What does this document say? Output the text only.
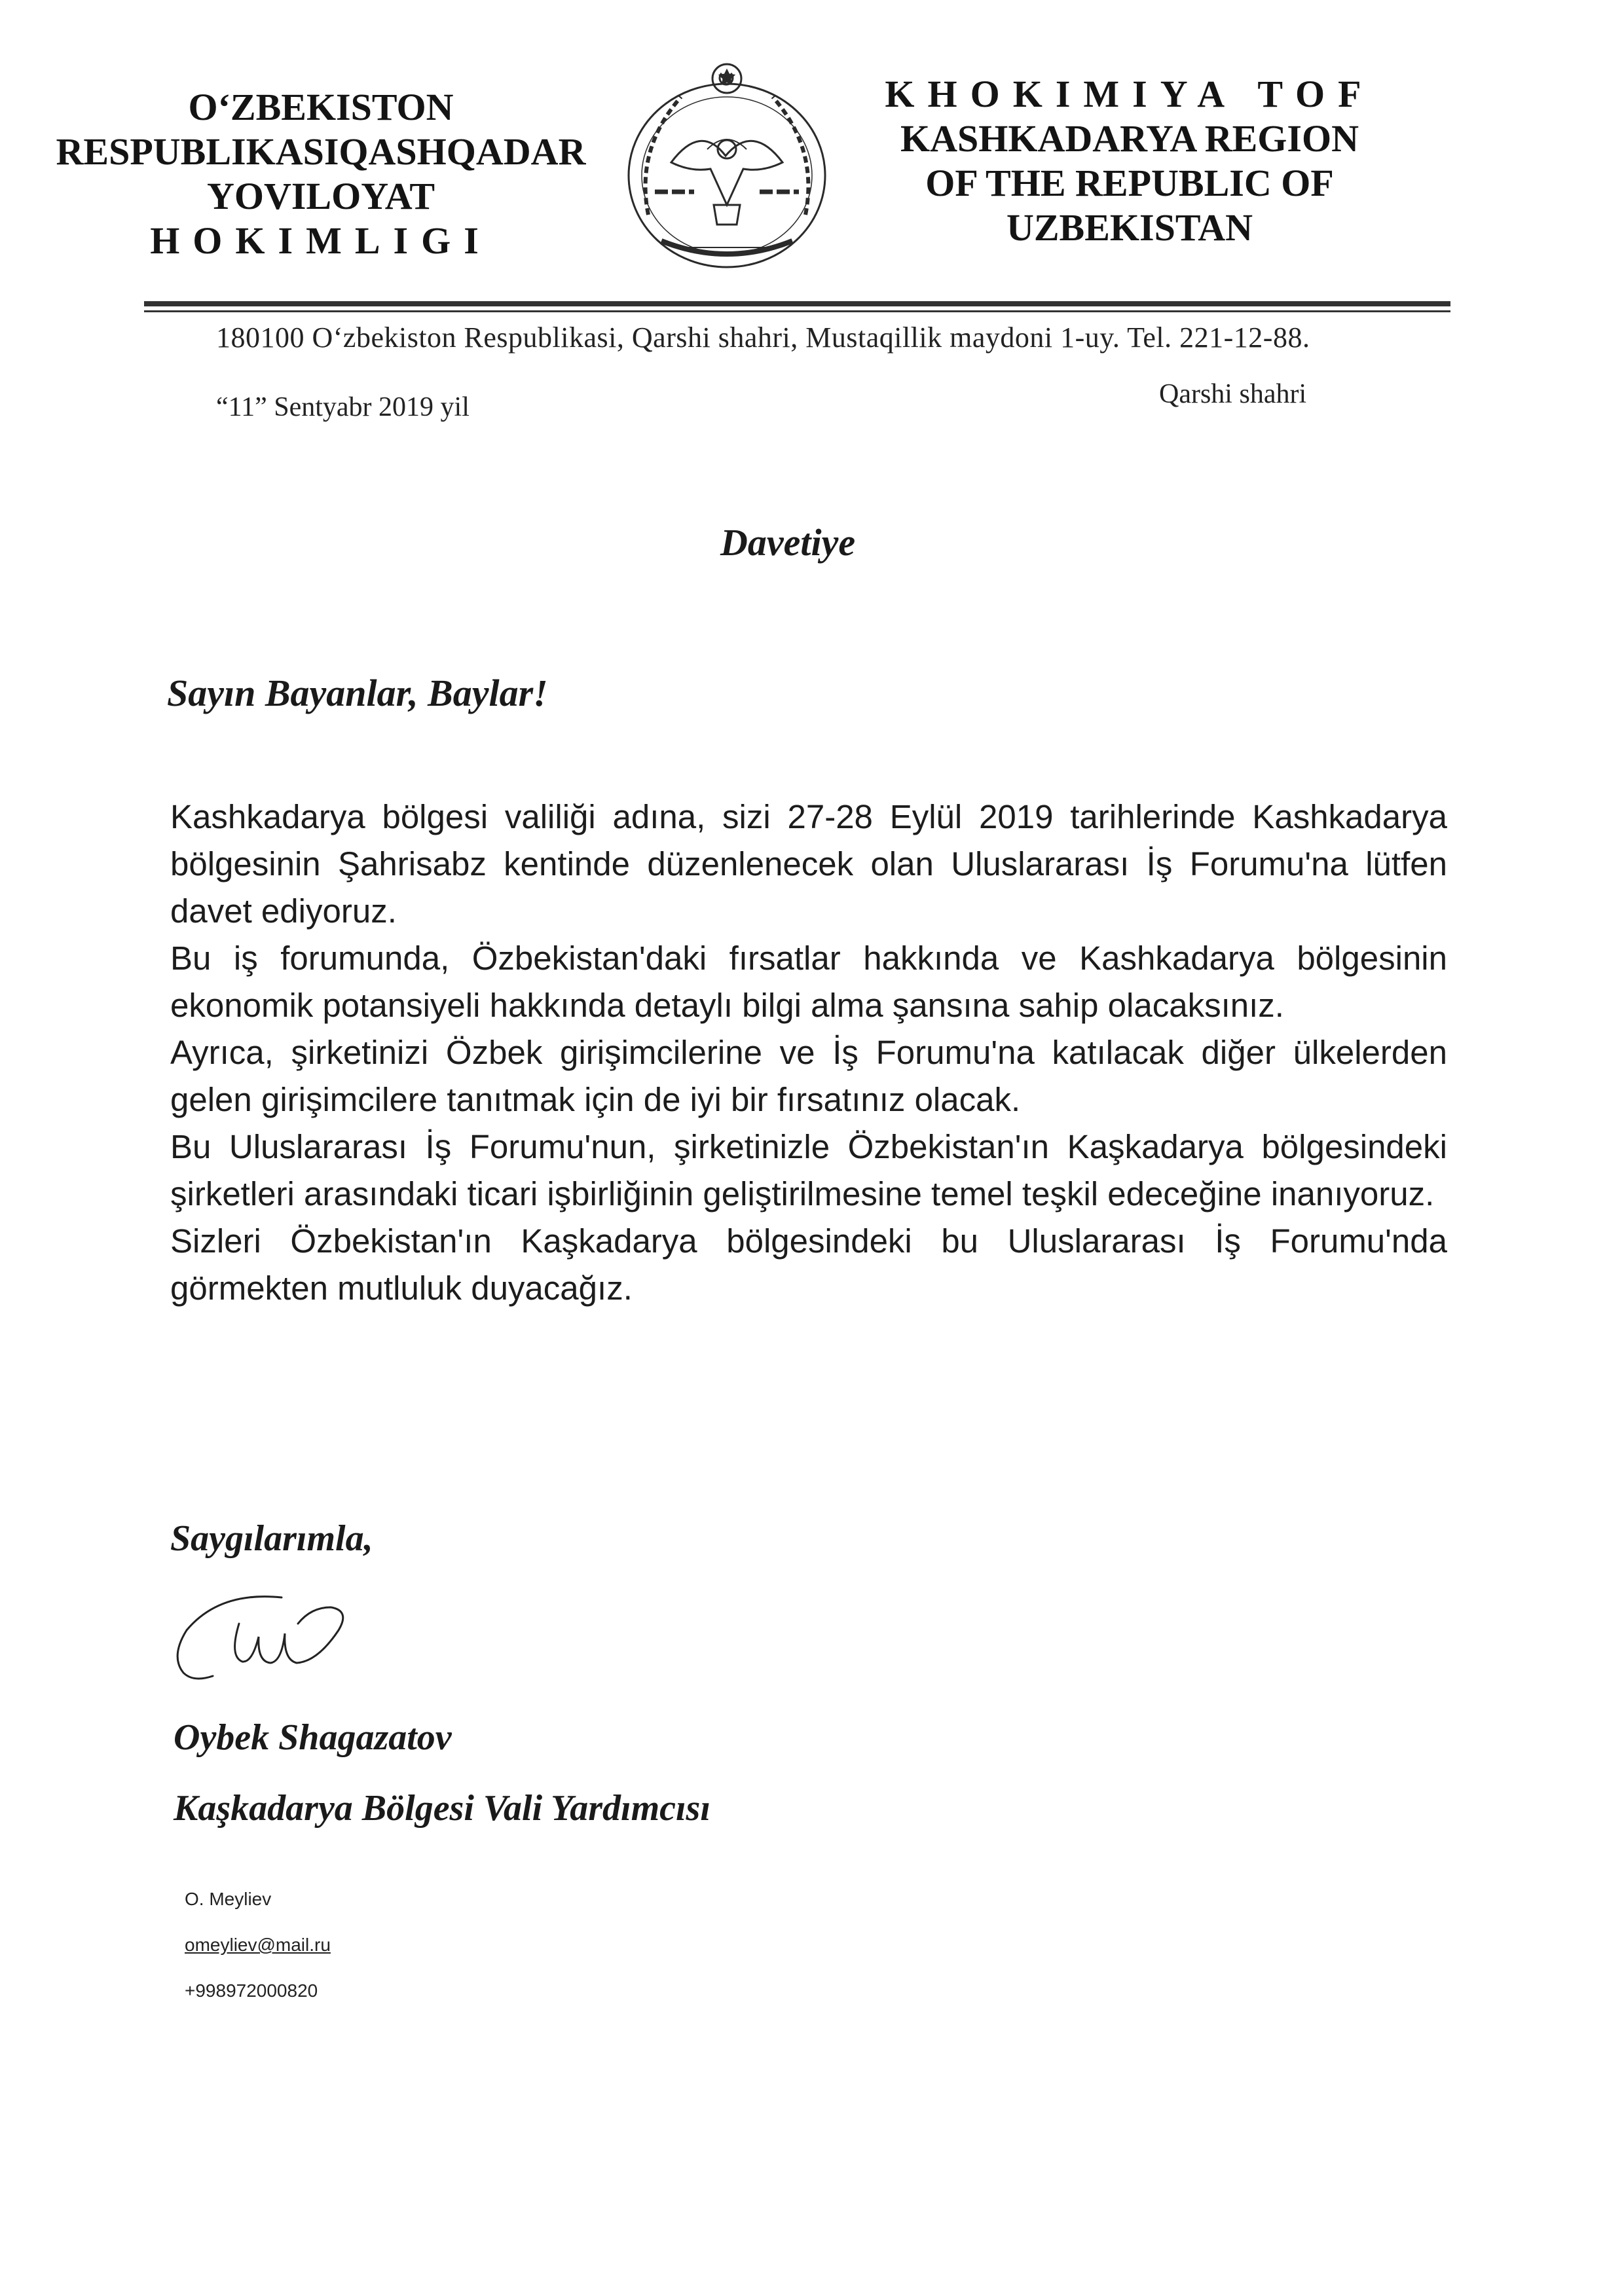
O‘ZBEKISTON
RESPUBLIKASIQASHQADAR
YOVILOYAT
HOKIMLIGI
KHOKIMIYA TOF
KASHKADARYA REGION
OF THE REPUBLIC OF
UZBEKISTAN
180100 O‘zbekiston Respublikasi, Qarshi shahri, Mustaqillik maydoni 1-uy. Tel. 221-12-88.
“11” Sentyabr 2019 yil	Qarshi shahri
Davetiye
Sayın Bayanlar, Baylar!

Kashkadarya bölgesi valiliği adına, sizi 27-28 Eylül 2019 tarihlerinde Kashkadarya bölgesinin Şahrisabz kentinde düzenlenecek olan Uluslararası İş Forumu'na lütfen davet ediyoruz.

Bu iş forumunda, Özbekistan'daki fırsatlar hakkında ve Kashkadarya bölgesinin ekonomik potansiyeli hakkında detaylı bilgi alma şansına sahip olacaksınız.

Ayrıca, şirketinizi Özbek girişimcilerine ve İş Forumu'na katılacak diğer ülkelerden gelen girişimcilere tanıtmak için de iyi bir fırsatınız olacak.

Bu Uluslararası İş Forumu'nun, şirketinizle Özbekistan'ın Kaşkadarya bölgesindeki şirketleri arasındaki ticari işbirliğinin geliştirilmesine temel teşkil edeceğine inanıyoruz.

Sizleri Özbekistan'ın Kaşkadarya bölgesindeki bu Uluslararası İş Forumu'nda görmekten mutluluk duyacağız.

Saygılarımla,
Oybek Shagazatov
Kaşkadarya Bölgesi Vali Yardımcısı
O. Meyliev
omeyliev@mail.ru
+998972000820
